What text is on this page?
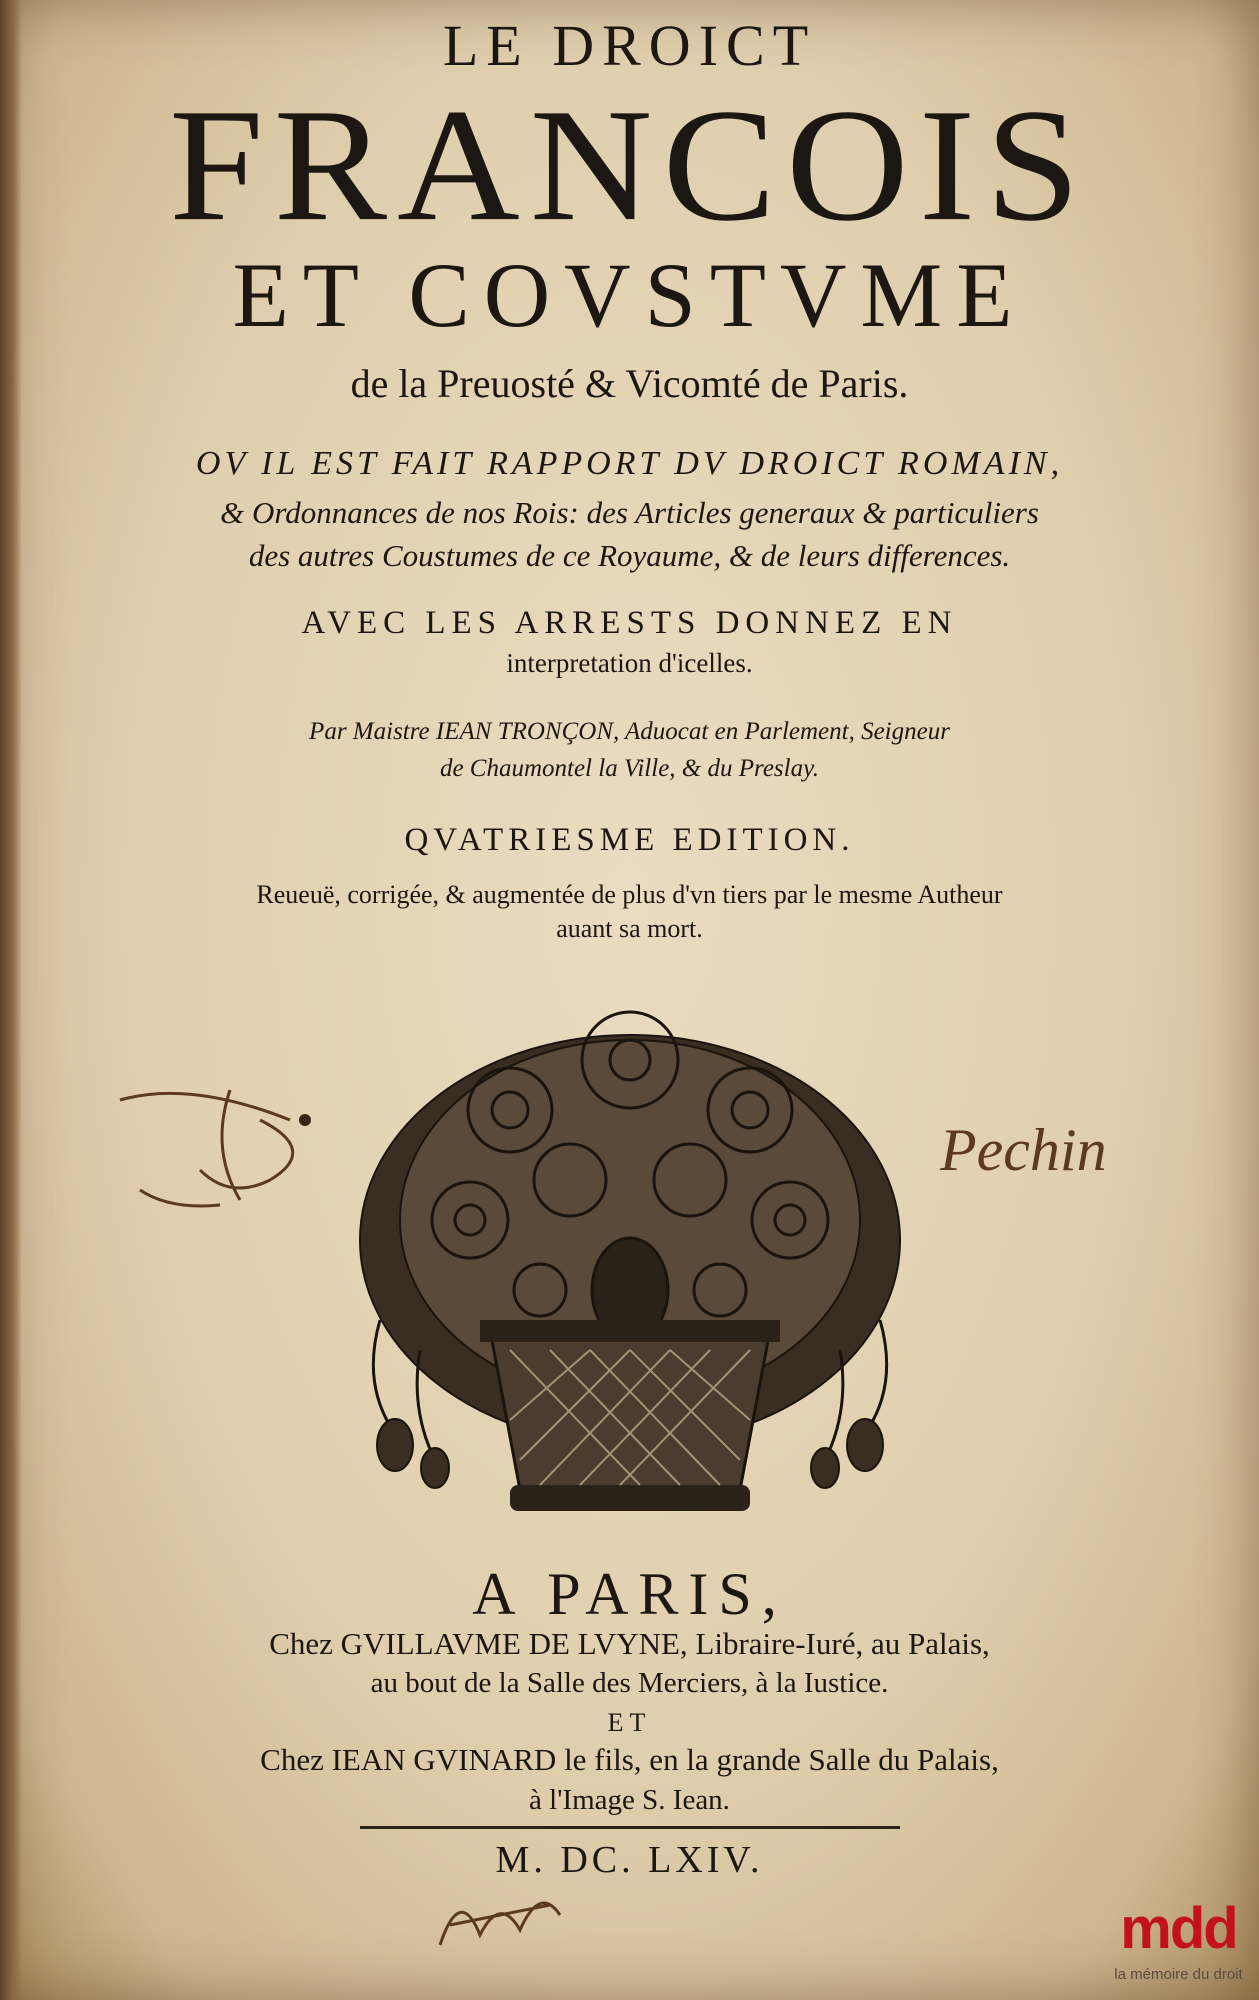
LE DROICT

FRANCOIS

ET COVSTVME

de la Preuosté & Vicomté de Paris.

OV IL EST FAIT RAPPORT DV DROICT ROMAIN,

& Ordonnances de nos Rois: des Articles generaux & particuliers

des autres Coustumes de ce Royaume, & de leurs differences.

AVEC LES ARRESTS DONNEZ EN

interpretation d'icelles.

Par Maistre IEAN TRONÇON, Aduocat en Parlement, Seigneur

de Chaumontel la Ville, & du Preslay.

QVATRIESME EDITION.

Reueuë, corrigée, & augmentée de plus d'vn tiers par le mesme Autheur

auant sa mort.

Pechin

A PARIS,

Chez GVILLAVME DE LVYNE, Libraire-Iuré, au Palais,

au bout de la Salle des Merciers, à la Iustice.

ET

Chez IEAN GVINARD le fils, en la grande Salle du Palais,

à l'Image S. Iean.

M. DC. LXIV.

mdd
la mémoire du droit
